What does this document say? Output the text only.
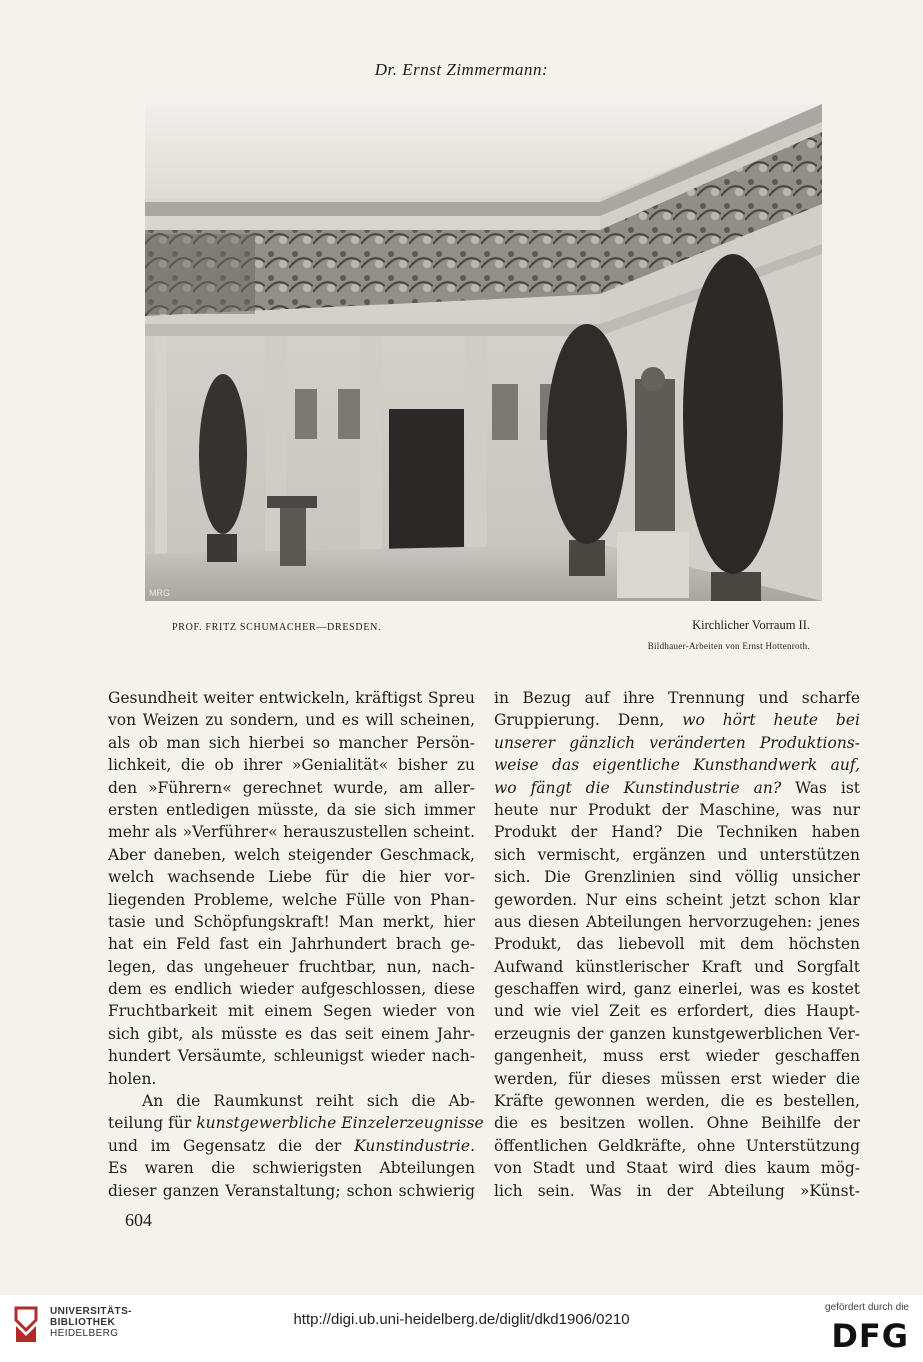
Dr. Ernst Zimmermann:
MRG
PROF. FRITZ SCHUMACHER—DRESDEN.	Kirchlicher Vorraum II.
Bildhauer-Arbeiten von Ernst Hottenroth.
Gesundheit weiter entwickeln, kräftigst Spreu
von Weizen zu sondern, und es will scheinen,
als ob man sich hierbei so mancher Persön-
lichkeit, die ob ihrer »Genialität« bisher zu
den »Führern« gerechnet wurde, am aller-
ersten entledigen müsste, da sie sich immer
mehr als »Verführer« herauszustellen scheint.
Aber daneben, welch steigender Geschmack,
welch wachsende Liebe für die hier vor-
liegenden Probleme, welche Fülle von Phan-
tasie und Schöpfungskraft! Man merkt, hier
hat ein Feld fast ein Jahrhundert brach ge-
legen, das ungeheuer fruchtbar, nun, nach-
dem es endlich wieder aufgeschlossen, diese
Fruchtbarkeit mit einem Segen wieder von
sich gibt, als müsste es das seit einem Jahr-
hundert Versäumte, schleunigst wieder nach-
holen.
An die Raumkunst reiht sich die Ab-
teilung für kunstgewerbliche Einzelerzeugnisse
und im Gegensatz die der Kunstindustrie.
Es waren die schwierigsten Abteilungen
dieser ganzen Veranstaltung; schon schwierig
in Bezug auf ihre Trennung und scharfe
Gruppierung. Denn, wo hört heute bei
unserer gänzlich veränderten Produktions-
weise das eigentliche Kunsthandwerk auf,
wo fängt die Kunstindustrie an? Was ist
heute nur Produkt der Maschine, was nur
Produkt der Hand? Die Techniken haben
sich vermischt, ergänzen und unterstützen
sich. Die Grenzlinien sind völlig unsicher
geworden. Nur eins scheint jetzt schon klar
aus diesen Abteilungen hervorzugehen: jenes
Produkt, das liebevoll mit dem höchsten
Aufwand künstlerischer Kraft und Sorgfalt
geschaffen wird, ganz einerlei, was es kostet
und wie viel Zeit es erfordert, dies Haupt-
erzeugnis der ganzen kunstgewerblichen Ver-
gangenheit, muss erst wieder geschaffen
werden, für dieses müssen erst wieder die
Kräfte gewonnen werden, die es bestellen,
die es besitzen wollen. Ohne Beihilfe der
öffentlichen Geldkräfte, ohne Unterstützung
von Stadt und Staat wird dies kaum mög-
lich sein. Was in der Abteilung »Künst-
604
UNIVERSITÄTS-
BIBLIOTHEK
HEIDELBERG
http://digi.ub.uni-heidelberg.de/diglit/dkd1906/0210
gefördert durch die
DFG
